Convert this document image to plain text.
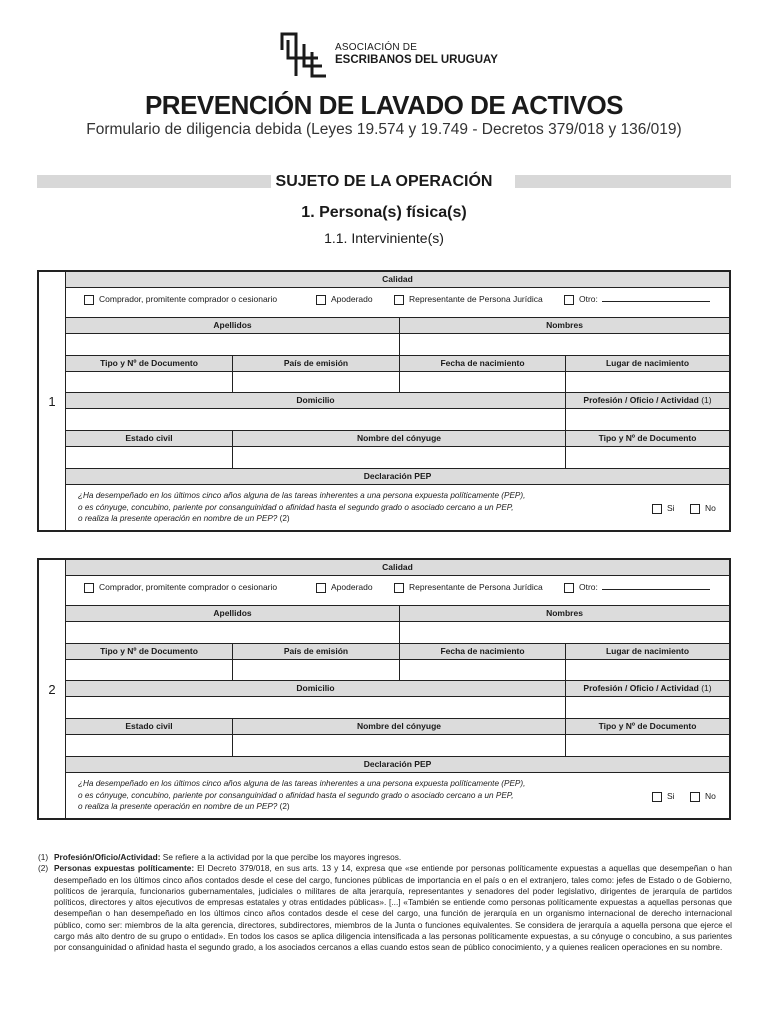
ASOCIACIÓN DE
ESCRIBANOS DEL URUGUAY
PREVENCIÓN DE LAVADO DE ACTIVOS
Formulario de diligencia debida (Leyes 19.574 y 19.749 - Decretos 379/018 y 136/019)
SUJETO DE LA OPERACIÓN
1. Persona(s) física(s)
1.1. Interviniente(s)
1
Calidad
Comprador, promitente comprador o cesionario	Apoderado	Representante de Persona Jurídica	Otro:
Apellidos	Nombres
Tipo y Nº de Documento	País de emisión	Fecha de nacimiento	Lugar de nacimiento
Domicilio	Profesión / Oficio / Actividad (1)
Estado civil	Nombre del cónyuge	Tipo y Nº de Documento
Declaración PEP
¿Ha desempeñado en los últimos cinco años alguna de las tareas inherentes a una persona expuesta políticamente (PEP),
o es cónyuge, concubino, pariente por consanguinidad o afinidad hasta el segundo grado o asociado cercano a un PEP,
o realiza la presente operación en nombre de un PEP? (2)
Si	No
2
Calidad
Comprador, promitente comprador o cesionario	Apoderado	Representante de Persona Jurídica	Otro:
Apellidos	Nombres
Tipo y Nº de Documento	País de emisión	Fecha de nacimiento	Lugar de nacimiento
Domicilio	Profesión / Oficio / Actividad (1)
Estado civil	Nombre del cónyuge	Tipo y Nº de Documento
Declaración PEP
¿Ha desempeñado en los últimos cinco años alguna de las tareas inherentes a una persona expuesta políticamente (PEP),
o es cónyuge, concubino, pariente por consanguinidad o afinidad hasta el segundo grado o asociado cercano a un PEP,
o realiza la presente operación en nombre de un PEP? (2)
Si	No
(1) Profesión/Oficio/Actividad: Se refiere a la actividad por la que percibe los mayores ingresos.
(2) Personas expuestas políticamente: El Decreto 379/018, en sus arts. 13 y 14, expresa que «se entiende por personas políticamente expuestas a aquellas que desempeñan o han desempeñado en los últimos cinco años contados desde el cese del cargo, funciones públicas de importancia en el país o en el extranjero, tales como: jefes de Estado o de Gobierno, políticos de jerarquía, funcionarios gubernamentales, judiciales o militares de alta jerarquía, representantes y senadores del poder legislativo, dirigentes de jerarquía de partidos políticos, directores y altos ejecutivos de empresas estatales y otras entidades públicas». [...] «También se entiende como personas políticamente expuestas a aquellas personas que desempeñan o han desempeñado en los últimos cinco años contados desde el cese del cargo, una función de jerarquía en un organismo internacional de derecho internacional público, como ser: miembros de la alta gerencia, directores, subdirectores, miembros de la Junta o funciones equivalentes. Se considera de jerarquía a aquella persona que ejerce el cargo más alto dentro de su grupo o entidad». En todos los casos se aplica diligencia intensificada a las personas políticamente expuestas, a su cónyuge o concubino, a sus parientes por consanguinidad o afinidad hasta el segundo grado, a los asociados cercanos a ellas cuando estos sean de público conocimiento, y a quienes realicen operaciones en su nombre.
